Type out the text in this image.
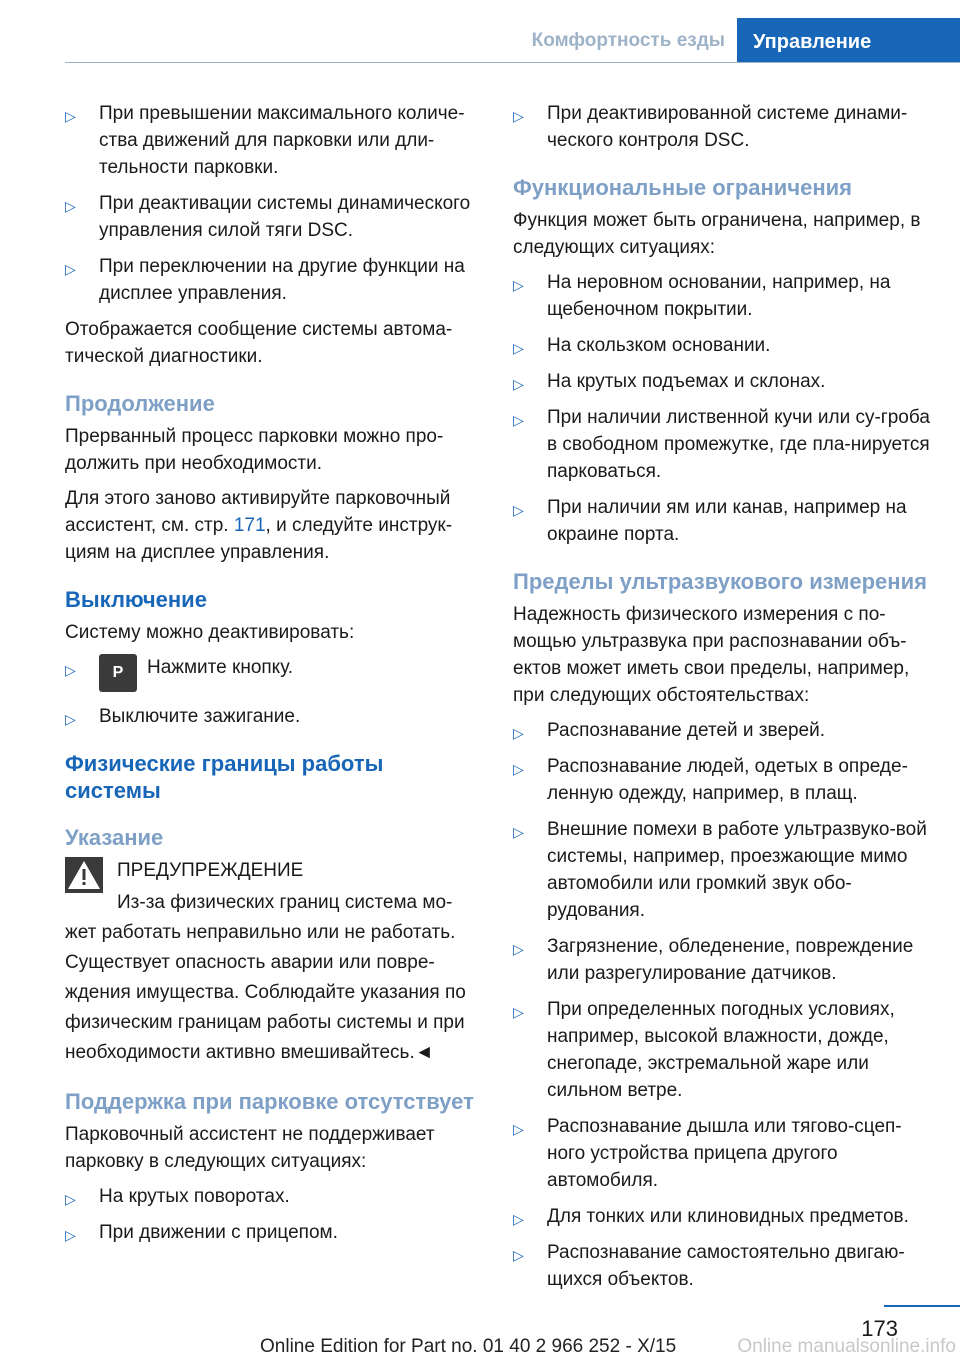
Комфортность езды	Управление
▷ При превышении максимального количе-ства движений для парковки или дли-тельности парковки.
▷ При деактивации системы динамического управления силой тяги DSC.
▷ При переключении на другие функции на дисплее управления.

Отображается сообщение системы автома-тической диагностики.

Продолжение

Прерванный процесс парковки можно про-должить при необходимости.

Для этого заново активируйте парковочный ассистент, см. стр. 171, и следуйте инструк-циям на дисплее управления.

Выключение

Систему можно деактивировать:

▷ P Нажмите кнопку.
▷ Выключите зажигание.
Физические границы работы системы
Указание

ПРЕДУПРЕЖДЕНИЕ

Из-за физических границ система мо-

жет работать неправильно или не работать. Существует опасность аварии или повре-ждения имущества. Соблюдайте указания по физическим границам работы системы и при необходимости активно вмешивайтесь.◄

Поддержка при парковке отсутствует

Парковочный ассистент не поддерживает парковку в следующих ситуациях:

▷ На крутых поворотах.
▷ При движении с прицепом.
▷ При деактивированной системе динами-ческого контроля DSC.
Функциональные ограничения

Функция может быть ограничена, например, в следующих ситуациях:

▷ На неровном основании, например, на щебеночном покрытии.
▷ На скользком основании.
▷ На крутых подъемах и склонах.
▷ При наличии лиственной кучи или су-гроба в свободном промежутке, где пла-нируется парковаться.
▷ При наличии ям или канав, например на окраине порта.
Пределы ультразвукового измерения

Надежность физического измерения с по-мощью ультразвука при распознавании объ-ектов может иметь свои пределы, например, при следующих обстоятельствах:

▷ Распознавание детей и зверей.
▷ Распознавание людей, одетых в опреде-ленную одежду, например, в плащ.
▷ Внешние помехи в работе ультразвуко-вой системы, например, проезжающие мимо автомобили или громкий звук обо-рудования.
▷ Загрязнение, обледенение, повреждение или разрегулирование датчиков.
▷ При определенных погодных условиях, например, высокой влажности, дожде, снегопаде, экстремальной жаре или сильном ветре.
▷ Распознавание дышла или тягово-сцеп-ного устройства прицепа другого автомобиля.
▷ Для тонких или клиновидных предметов.
▷ Распознавание самостоятельно двигаю-щихся объектов.
173
Online Edition for Part no. 01 40 2 966 252 - X/15	Online manualsonline.info
